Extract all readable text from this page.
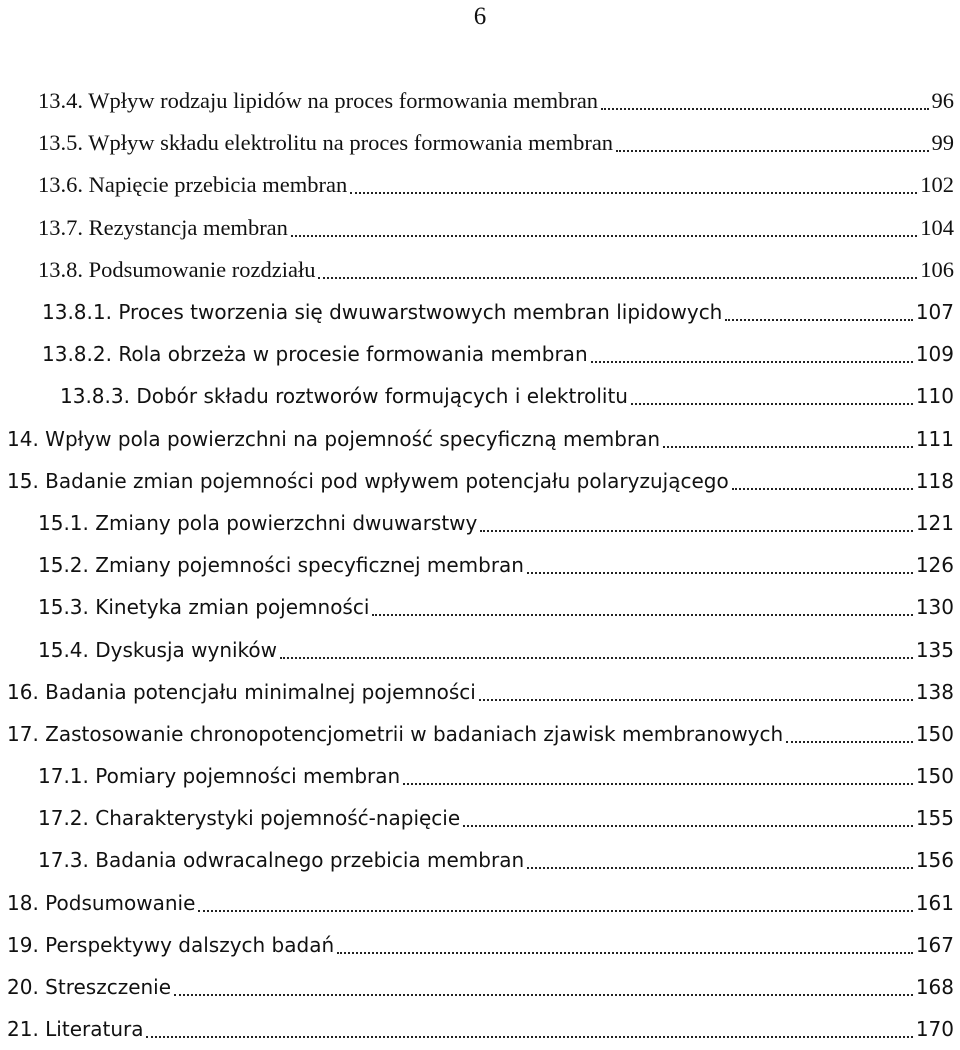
6
13.4. Wpływ rodzaju lipidów na proces formowania membran	96
13.5. Wpływ składu elektrolitu na proces formowania membran	99
13.6. Napięcie przebicia membran	102
13.7. Rezystancja membran	104
13.8. Podsumowanie rozdziału	106
13.8.1. Proces tworzenia się dwuwarstwowych membran lipidowych	107
13.8.2. Rola obrzeża w procesie formowania membran	109
13.8.3. Dobór składu roztworów formujących i elektrolitu	110
14. Wpływ pola powierzchni na pojemność specyficzną membran	111
15. Badanie zmian pojemności pod wpływem potencjału polaryzującego	118
15.1. Zmiany pola powierzchni dwuwarstwy	121
15.2. Zmiany pojemności specyficznej membran	126
15.3. Kinetyka zmian pojemności	130
15.4. Dyskusja wyników	135
16. Badania potencjału minimalnej pojemności	138
17. Zastosowanie chronopotencjometrii w badaniach zjawisk membranowych	150
17.1. Pomiary pojemności membran	150
17.2. Charakterystyki pojemność-napięcie	155
17.3. Badania odwracalnego przebicia membran	156
18. Podsumowanie	161
19. Perspektywy dalszych badań	167
20. Streszczenie	168
21. Literatura	170
